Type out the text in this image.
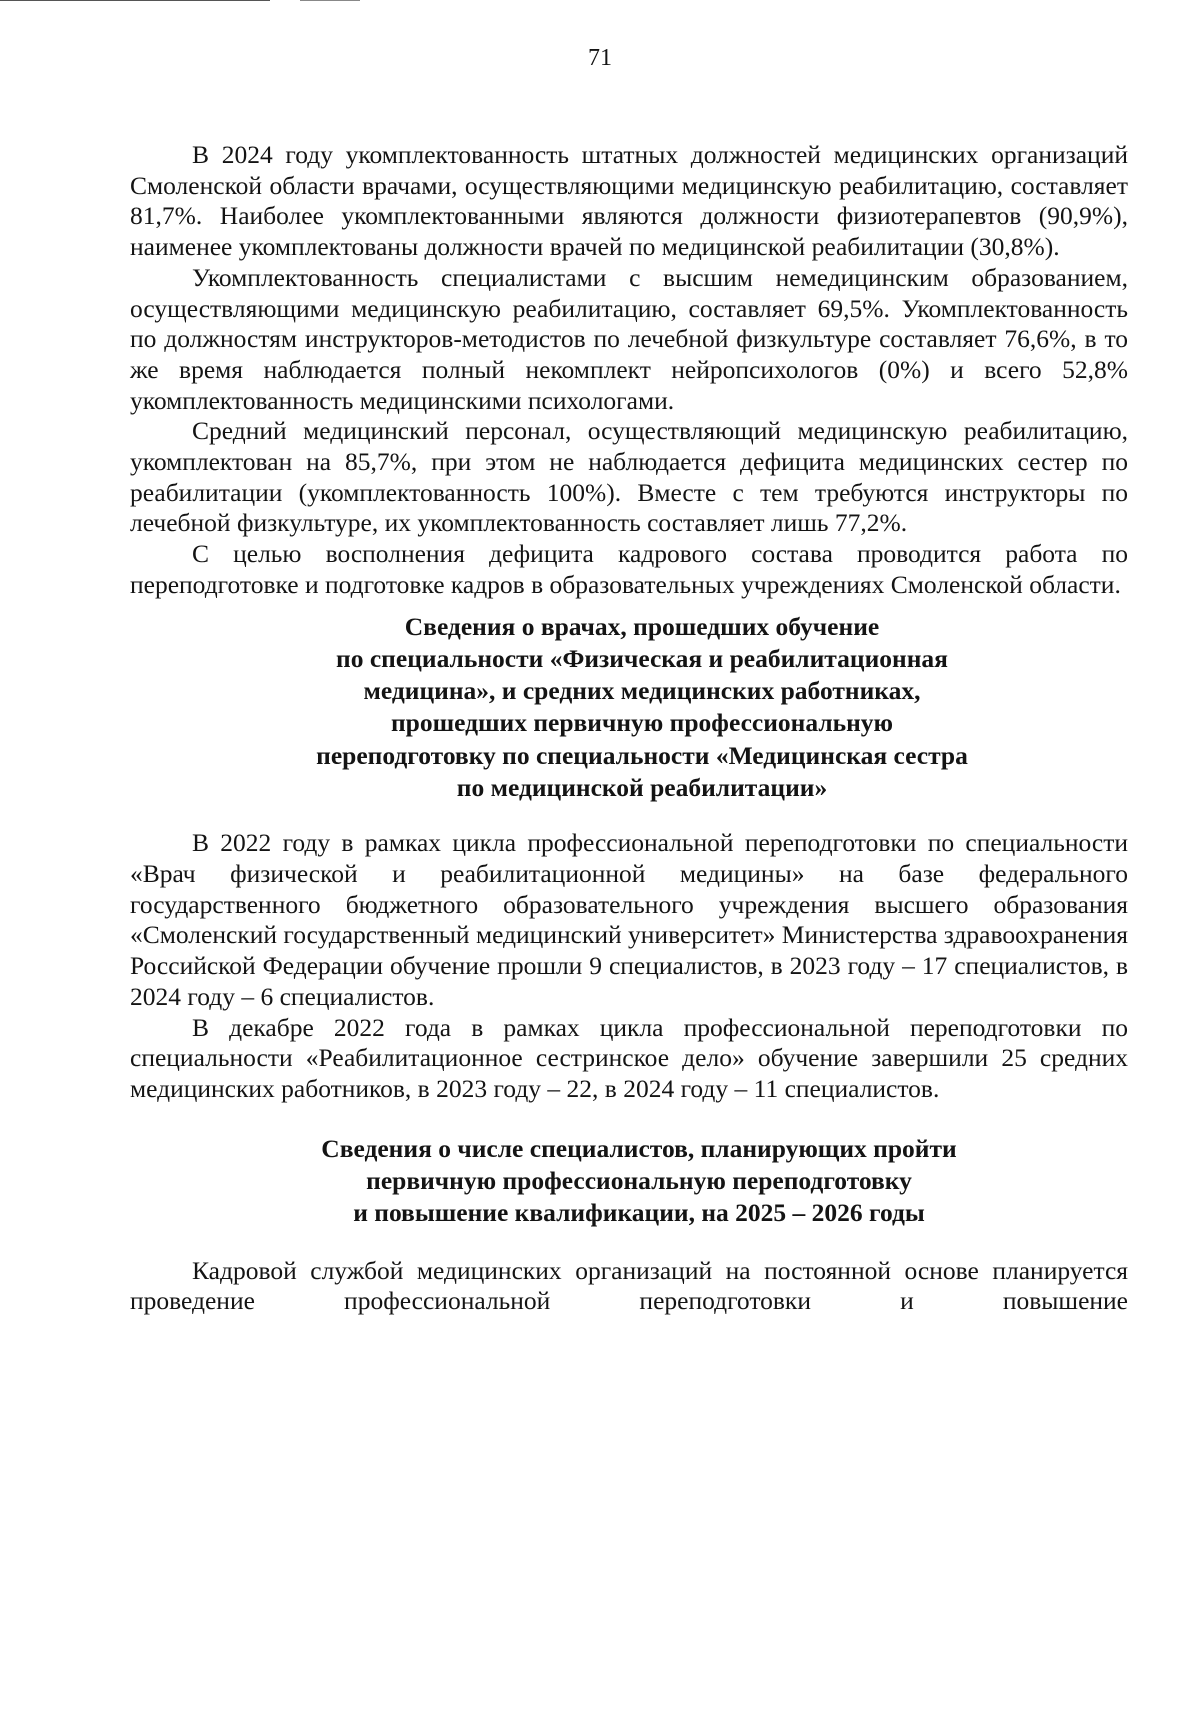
71

В 2024 году укомплектованность штатных должностей медицинских организаций Смоленской области врачами, осуществляющими медицинскую реабилитацию, составляет 81,7%. Наиболее укомплектованными являются должности физиотерапевтов (90,9%), наименее укомплектованы должности врачей по медицинской реабилитации (30,8%).

Укомплектованность специалистами с высшим немедицинским образованием, осуществляющими медицинскую реабилитацию, составляет 69,5%. Укомплектованность по должностям инструкторов-методистов по лечебной физкультуре составляет 76,6%, в то же время наблюдается полный некомплект нейропсихологов (0%) и всего 52,8% укомплектованность медицинскими психологами.

Средний медицинский персонал, осуществляющий медицинскую реабилитацию, укомплектован на 85,7%, при этом не наблюдается дефицита медицинских сестер по реабилитации (укомплектованность 100%). Вместе с тем требуются инструкторы по лечебной физкультуре, их укомплектованность составляет лишь 77,2%.

С целью восполнения дефицита кадрового состава проводится работа по переподготовке и подготовке кадров в образовательных учреждениях Смоленской области.

Сведения о врачах, прошедших обучение
по специальности «Физическая и реабилитационная
медицина», и средних медицинских работниках,
прошедших первичную профессиональную
переподготовку по специальности «Медицинская сестра
по медицинской реабилитации»

В 2022 году в рамках цикла профессиональной переподготовки по специальности «Врач физической и реабилитационной медицины» на базе федерального государственного бюджетного образовательного учреждения высшего образования «Смоленский государственный медицинский университет» Министерства здравоохранения Российской Федерации обучение прошли 9 специалистов, в 2023 году – 17 специалистов, в 2024 году – 6 специалистов.

В декабре 2022 года в рамках цикла профессиональной переподготовки по специальности «Реабилитационное сестринское дело» обучение завершили 25 средних медицинских работников, в 2023 году – 22, в 2024 году – 11 специалистов.

Сведения о числе специалистов, планирующих пройти
первичную профессиональную переподготовку
и повышение квалификации, на 2025 – 2026 годы

Кадровой службой медицинских организаций на постоянной основе планируется проведение профессиональной переподготовки и повышение
